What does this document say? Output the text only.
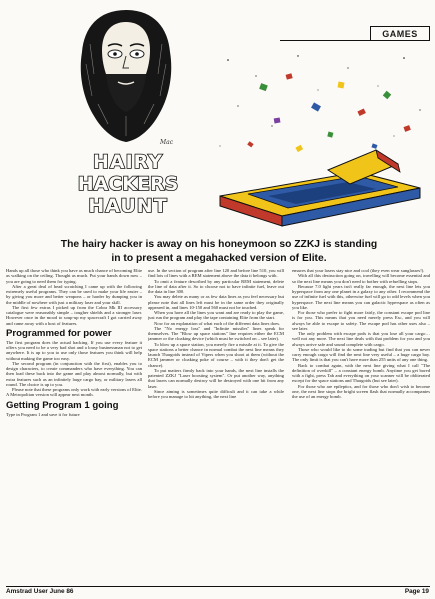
GAMES
Mac
HAIRY
HACKERS
HAUNT
The hairy hacker is away on his honeymoon so ZZKJ is standing in to present a megahacked version of Elite.

Hands up all those who think you have as much chance of becoming Elite as walking on the ceiling. Thought as much. Put your hands down now – you are going to need them for typing.

After a great deal of head scratching I came up with the following extremely useful programs. They can be used to make your life easier – by giving you more and better weapons – or harder by dumping you in the middle of nowhere with just a military laser and your skill.

The first few extras I picked up from the Cobra Mk III accessory catalogue were reasonably simple – tougher shields and a stronger laser. However once in the mood to soup-up my spacecraft I got carried away and came away with a host of features.

Programmed for power

The first program does the actual hacking. If you use every feature it offers you need to be a very bad shot and a lousy businessman not to get anywhere. It is up to you to use only those features you think will help without making the game too easy.

The second program (in conjunction with the first), enables you to design characters, to create commanders who have everything. You can then load these back into the game and play almost normally, but with extra features such as an infinitely large cargo bay, or military lasers all round. The choice is up to you.

Please note that these programs only work with early versions of Elite. A Metropolitan version will appear next month.

Getting Program 1 going

Type in Program 1 and save it for future

use. In the section of program after line 120 and before line 510, you will find lots of lines with a REM statement above the data it belongs with.

To omit a feature described by any particular REM statement, delete the line of data after it. So to choose not to have infinite fuel, leave out the data in line 300.

You may delete as many or as few data lines as you feel necessary but please note that all lines left must be in the same order they originally appeared in, and lines 10-150 and 560 must not be touched.

When you have all the lines you want and are ready to play the game, just run the program and play the tape containing Elite from the start.

Now for an explanation of what each of the different data lines does.

The "No energy loss" and "Infinite missiles" lines speak for themselves. The "Blow up space stations" line requires either the ECM jammer or the cloaking device (which must be switched on – see later).

To blow up a space station, you merely fire a missile at it. To give the space stations a better chance in normal combat the next line means they launch Thargoids instead of Vipers when you shoot at them (without the ECM jammer or cloaking poke of course – with it they don't get the chance).

To put matters firmly back into your hands, the next line installs the patented ZZKJ "Laser boosting system". Or put another way, anything that lasers can normally destroy will be destroyed with one hit from any laser.

Since aiming is sometimes quite difficult and it can take a while before you manage to hit anything, the next line

ensures that your lasers stay nice and cool (they even wear sunglasses!).

With all this destruction going on, travelling will become essential and so the next line means you don't need to bother with refuelling stops.

Because 7.0 light years isn't really far enough, the next line lets you hyperspace from any one planet in a galaxy to any other. I recommend the use of infinite fuel with this, otherwise fuel will go to odd levels when you hyperspace. The next line means you can galactic hyperspace as often as you like.

For those who prefer to fight more fairly, the constant escape pod line is for you. This means that you need merely press Esc, and you will always be able to escape to safety. The escape pod has other uses also – see later.

The only problem with escape pods is that you lose all your cargo… well not any more. The next line deals with that problem for you and you always arrive safe and sound complete with cargo.

Those who would like to do some trading but find that you can never carry enough cargo will find the next line very useful – a huge cargo bay. The only limit is that you can't have more than 255 units of any one thing.

Back to combat again, with the next line giving what I call "The definition of overkill" – a constant energy bomb. Anytime you get bored with a fight, press Tab and everything on your scanner will be obliterated except for the space stations and Thargoids (but see later).

For those who are epileptics, and for those who don't wish to become one, the next line stops the bright screen flash that normally accompanies the use of an energy bomb.

Amstrad User June 86	Page 19
